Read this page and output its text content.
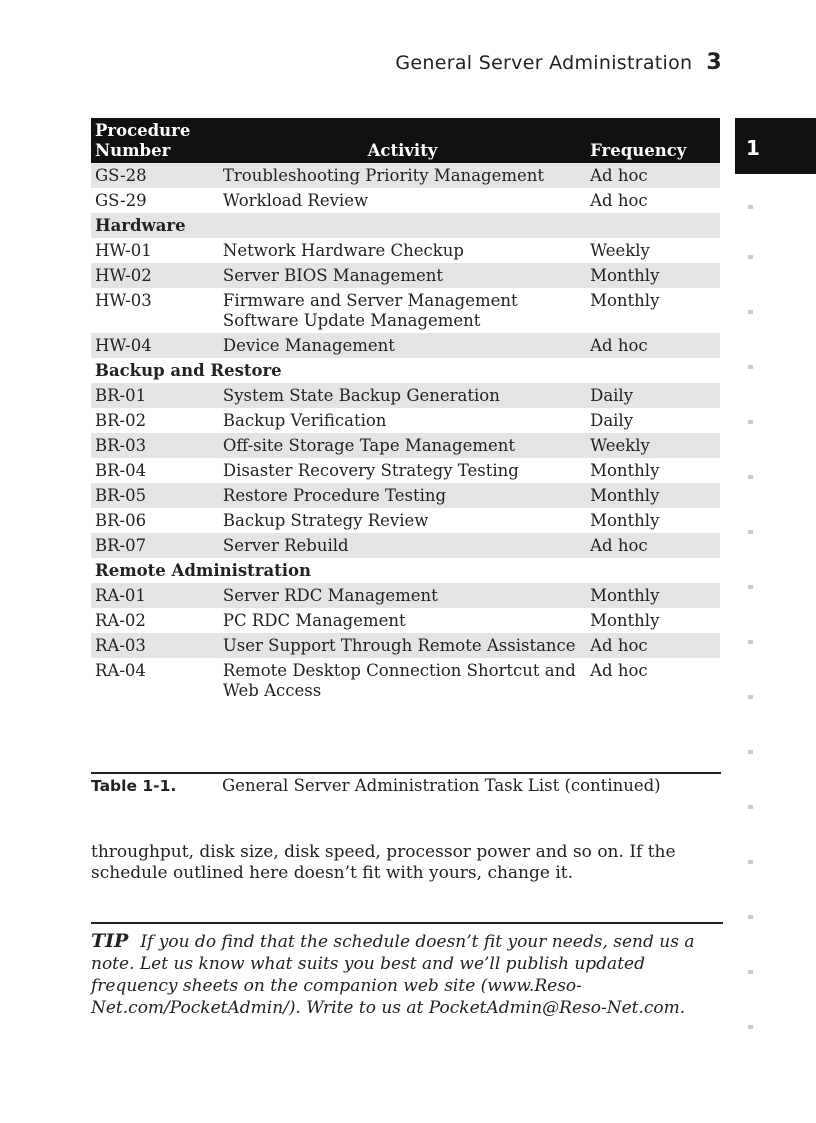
General Server Administration 3
1
Procedure Number	Activity	Frequency
GS-28	Troubleshooting Priority Management	Ad hoc
GS-29	Workload Review	Ad hoc
Hardware		
HW-01	Network Hardware Checkup	Weekly
HW-02	Server BIOS Management	Monthly
HW-03	Firmware and Server Management Software Update Management	Monthly
HW-04	Device Management	Ad hoc
Backup and Restore		
BR-01	System State Backup Generation	Daily
BR-02	Backup Verification	Daily
BR-03	Off-site Storage Tape Management	Weekly
BR-04	Disaster Recovery Strategy Testing	Monthly
BR-05	Restore Procedure Testing	Monthly
BR-06	Backup Strategy Review	Monthly
BR-07	Server Rebuild	Ad hoc
Remote Administration		
RA-01	Server RDC Management	Monthly
RA-02	PC RDC Management	Monthly
RA-03	User Support Through Remote Assistance	Ad hoc
RA-04	Remote Desktop Connection Shortcut and Web Access	Ad hoc
Table 1-1.	General Server Administration Task List (continued)
throughput, disk size, disk speed, processor power and so on. If the schedule outlined here doesn’t fit with yours, change it.
TIP If you do find that the schedule doesn’t fit your needs, send us a note. Let us know what suits you best and we’ll publish updated frequency sheets on the companion web site (www.Reso-Net.com/PocketAdmin/). Write to us at PocketAdmin@Reso-Net.com.
